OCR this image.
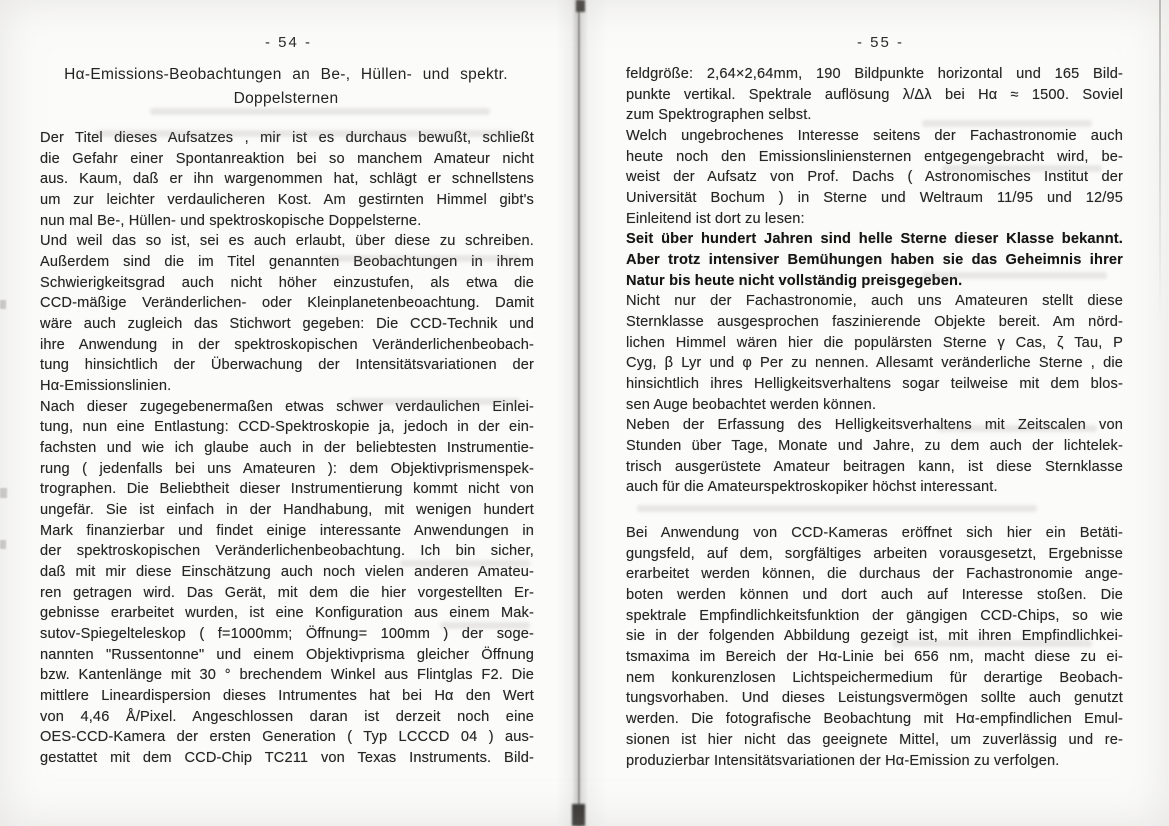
- 54 -
Hα-Emissions-Beobachtungen an Be-, Hüllen- und spektr.
Doppelsternen
Der Titel dieses Aufsatzes , mir ist es durchaus bewußt, schließt
die Gefahr einer Spontanreaktion bei so manchem Amateur nicht
aus. Kaum, daß er ihn wargenommen hat, schlägt er schnellstens
um zur leichter verdaulicheren Kost. Am gestirnten Himmel gibt's
nun mal Be-, Hüllen- und spektroskopische Doppelsterne.
Und weil das so ist, sei es auch erlaubt, über diese zu schreiben.
Außerdem sind die im Titel genannten Beobachtungen in ihrem
Schwierigkeitsgrad auch nicht höher einzustufen, als etwa die
CCD-mäßige Veränderlichen- oder Kleinplanetenbeoachtung. Damit
wäre auch zugleich das Stichwort gegeben: Die CCD-Technik und
ihre Anwendung in der spektroskopischen Veränderlichenbeobach-
tung hinsichtlich der Überwachung der Intensitätsvariationen der
Hα-Emissionslinien.
Nach dieser zugegebenermaßen etwas schwer verdaulichen Einlei-
tung, nun eine Entlastung: CCD-Spektroskopie ja, jedoch in der ein-
fachsten und wie ich glaube auch in der beliebtesten Instrumentie-
rung ( jedenfalls bei uns Amateuren ): dem Objektivprismenspek-
trographen. Die Beliebtheit dieser Instrumentierung kommt nicht von
ungefär. Sie ist einfach in der Handhabung, mit wenigen hundert
Mark finanzierbar und findet einige interessante Anwendungen in
der spektroskopischen Veränderlichenbeobachtung. Ich bin sicher,
daß mit mir diese Einschätzung auch noch vielen anderen Amateu-
ren getragen wird. Das Gerät, mit dem die hier vorgestellten Er-
gebnisse erarbeitet wurden, ist eine Konfiguration aus einem Mak-
sutov-Spiegelteleskop ( f=1000mm; Öffnung= 100mm ) der soge-
nannten "Russentonne" und einem Objektivprisma gleicher Öffnung
bzw. Kantenlänge mit 30 ° brechendem Winkel aus Flintglas F2. Die
mittlere Lineardispersion dieses Intrumentes hat bei Hα den Wert
von 4,46 Å/Pixel. Angeschlossen daran ist derzeit noch eine
OES-CCD-Kamera der ersten Generation ( Typ LCCCD 04 ) aus-
gestattet mit dem CCD-Chip TC211 von Texas Instruments. Bild-
- 55 -
feldgröße: 2,64×2,64mm, 190 Bildpunkte horizontal und 165 Bild-
punkte vertikal. Spektrale auflösung λ/Δλ bei Hα ≈ 1500. Soviel
zum Spektrographen selbst.
Welch ungebrochenes Interesse seitens der Fachastronomie auch
heute noch den Emissionsliniensternen entgegengebracht wird, be-
weist der Aufsatz von Prof. Dachs ( Astronomisches Institut der
Universität Bochum ) in Sterne und Weltraum 11/95 und 12/95
Einleitend ist dort zu lesen:
Seit über hundert Jahren sind helle Sterne dieser Klasse bekannt.
Aber trotz intensiver Bemühungen haben sie das Geheimnis ihrer
Natur bis heute nicht vollständig preisgegeben.
Nicht nur der Fachastronomie, auch uns Amateuren stellt diese
Sternklasse ausgesprochen faszinierende Objekte bereit. Am nörd-
lichen Himmel wären hier die populärsten Sterne γ Cas, ζ Tau, P
Cyg, β Lyr und φ Per zu nennen. Allesamt veränderliche Sterne , die
hinsichtlich ihres Helligkeitsverhaltens sogar teilweise mit dem blos-
sen Auge beobachtet werden können.
Neben der Erfassung des Helligkeitsverhaltens mit Zeitscalen von
Stunden über Tage, Monate und Jahre, zu dem auch der lichtelek-
trisch ausgerüstete Amateur beitragen kann, ist diese Sternklasse
auch für die Amateurspektroskopiker höchst interessant.
Bei Anwendung von CCD-Kameras eröffnet sich hier ein Betäti-
gungsfeld, auf dem, sorgfältiges arbeiten vorausgesetzt, Ergebnisse
erarbeitet werden können, die durchaus der Fachastronomie ange-
boten werden können und dort auch auf Interesse stoßen. Die
spektrale Empfindlichkeitsfunktion der gängigen CCD-Chips, so wie
sie in der folgenden Abbildung gezeigt ist, mit ihren Empfindlichkei-
tsmaxima im Bereich der Hα-Linie bei 656 nm, macht diese zu ei-
nem konkurenzlosen Lichtspeichermedium für derartige Beobach-
tungsvorhaben. Und dieses Leistungsvermögen sollte auch genutzt
werden. Die fotografische Beobachtung mit Hα-empfindlichen Emul-
sionen ist hier nicht das geeignete Mittel, um zuverlässig und re-
produzierbar Intensitätsvariationen der Hα-Emission zu verfolgen.
